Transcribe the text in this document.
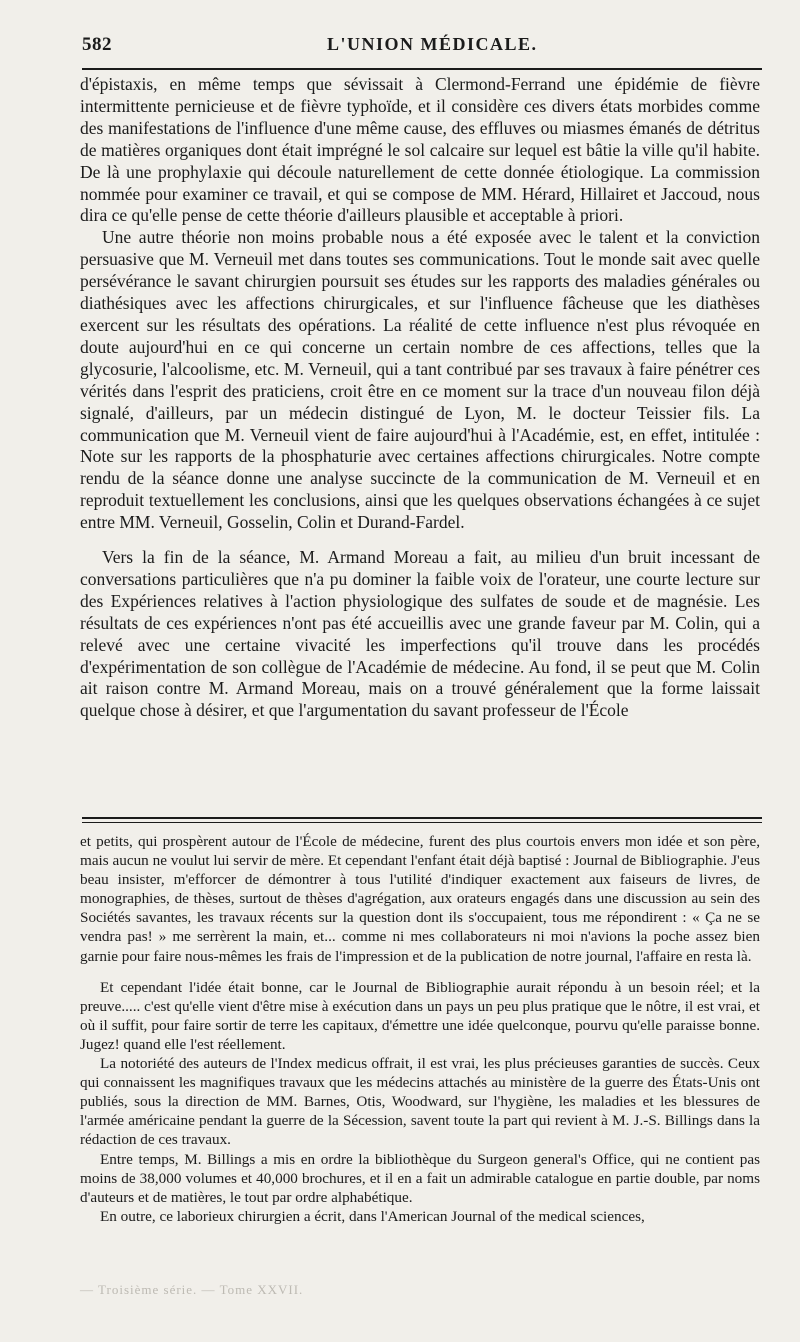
582	L'UNION MÉDICALE.

d'épistaxis, en même temps que sévissait à Clermond-Ferrand une épidémie de fièvre intermittente pernicieuse et de fièvre typhoïde, et il considère ces divers états morbides comme des manifestations de l'influence d'une même cause, des effluves ou miasmes émanés de détritus de matières organiques dont était imprégné le sol calcaire sur lequel est bâtie la ville qu'il habite. De là une prophylaxie qui découle naturellement de cette donnée étiologique. La commission nommée pour examiner ce travail, et qui se compose de MM. Hérard, Hillairet et Jaccoud, nous dira ce qu'elle pense de cette théorie d'ailleurs plausible et acceptable à priori.

Une autre théorie non moins probable nous a été exposée avec le talent et la conviction persuasive que M. Verneuil met dans toutes ses communications. Tout le monde sait avec quelle persévérance le savant chirurgien poursuit ses études sur les rapports des maladies générales ou diathésiques avec les affections chirurgicales, et sur l'influence fâcheuse que les diathèses exercent sur les résultats des opérations. La réalité de cette influence n'est plus révoquée en doute aujourd'hui en ce qui concerne un certain nombre de ces affections, telles que la glycosurie, l'alcoolisme, etc. M. Verneuil, qui a tant contribué par ses travaux à faire pénétrer ces vérités dans l'esprit des praticiens, croit être en ce moment sur la trace d'un nouveau filon déjà signalé, d'ailleurs, par un médecin distingué de Lyon, M. le docteur Teissier fils. La communication que M. Verneuil vient de faire aujourd'hui à l'Académie, est, en effet, intitulée : Note sur les rapports de la phosphaturie avec certaines affections chirurgicales. Notre compte rendu de la séance donne une analyse succincte de la communication de M. Verneuil et en reproduit textuellement les conclusions, ainsi que les quelques observations échangées à ce sujet entre MM. Verneuil, Gosselin, Colin et Durand-Fardel.

Vers la fin de la séance, M. Armand Moreau a fait, au milieu d'un bruit incessant de conversations particulières que n'a pu dominer la faible voix de l'orateur, une courte lecture sur des Expériences relatives à l'action physiologique des sulfates de soude et de magnésie. Les résultats de ces expériences n'ont pas été accueillis avec une grande faveur par M. Colin, qui a relevé avec une certaine vivacité les imperfections qu'il trouve dans les procédés d'expérimentation de son collègue de l'Académie de médecine. Au fond, il se peut que M. Colin ait raison contre M. Armand Moreau, mais on a trouvé généralement que la forme laissait quelque chose à désirer, et que l'argumentation du savant professeur de l'École

et petits, qui prospèrent autour de l'École de médecine, furent des plus courtois envers mon idée et son père, mais aucun ne voulut lui servir de mère. Et cependant l'enfant était déjà baptisé : Journal de Bibliographie. J'eus beau insister, m'efforcer de démontrer à tous l'utilité d'indiquer exactement aux faiseurs de livres, de monographies, de thèses, surtout de thèses d'agrégation, aux orateurs engagés dans une discussion au sein des Sociétés savantes, les travaux récents sur la question dont ils s'occupaient, tous me répondirent : « Ça ne se vendra pas! » me serrèrent la main, et... comme ni mes collaborateurs ni moi n'avions la poche assez bien garnie pour faire nous-mêmes les frais de l'impression et de la publication de notre journal, l'affaire en resta là.

Et cependant l'idée était bonne, car le Journal de Bibliographie aurait répondu à un besoin réel; et la preuve..... c'est qu'elle vient d'être mise à exécution dans un pays un peu plus pratique que le nôtre, il est vrai, et où il suffit, pour faire sortir de terre les capitaux, d'émettre une idée quelconque, pourvu qu'elle paraisse bonne. Jugez! quand elle l'est réellement.

La notoriété des auteurs de l'Index medicus offrait, il est vrai, les plus précieuses garanties de succès. Ceux qui connaissent les magnifiques travaux que les médecins attachés au ministère de la guerre des États-Unis ont publiés, sous la direction de MM. Barnes, Otis, Woodward, sur l'hygiène, les maladies et les blessures de l'armée américaine pendant la guerre de la Sécession, savent toute la part qui revient à M. J.-S. Billings dans la rédaction de ces travaux.

Entre temps, M. Billings a mis en ordre la bibliothèque du Surgeon general's Office, qui ne contient pas moins de 38,000 volumes et 40,000 brochures, et il en a fait un admirable catalogue en partie double, par noms d'auteurs et de matières, le tout par ordre alphabétique.

En outre, ce laborieux chirurgien a écrit, dans l'American Journal of the medical sciences,

— Troisième série. — Tome XXVII.
